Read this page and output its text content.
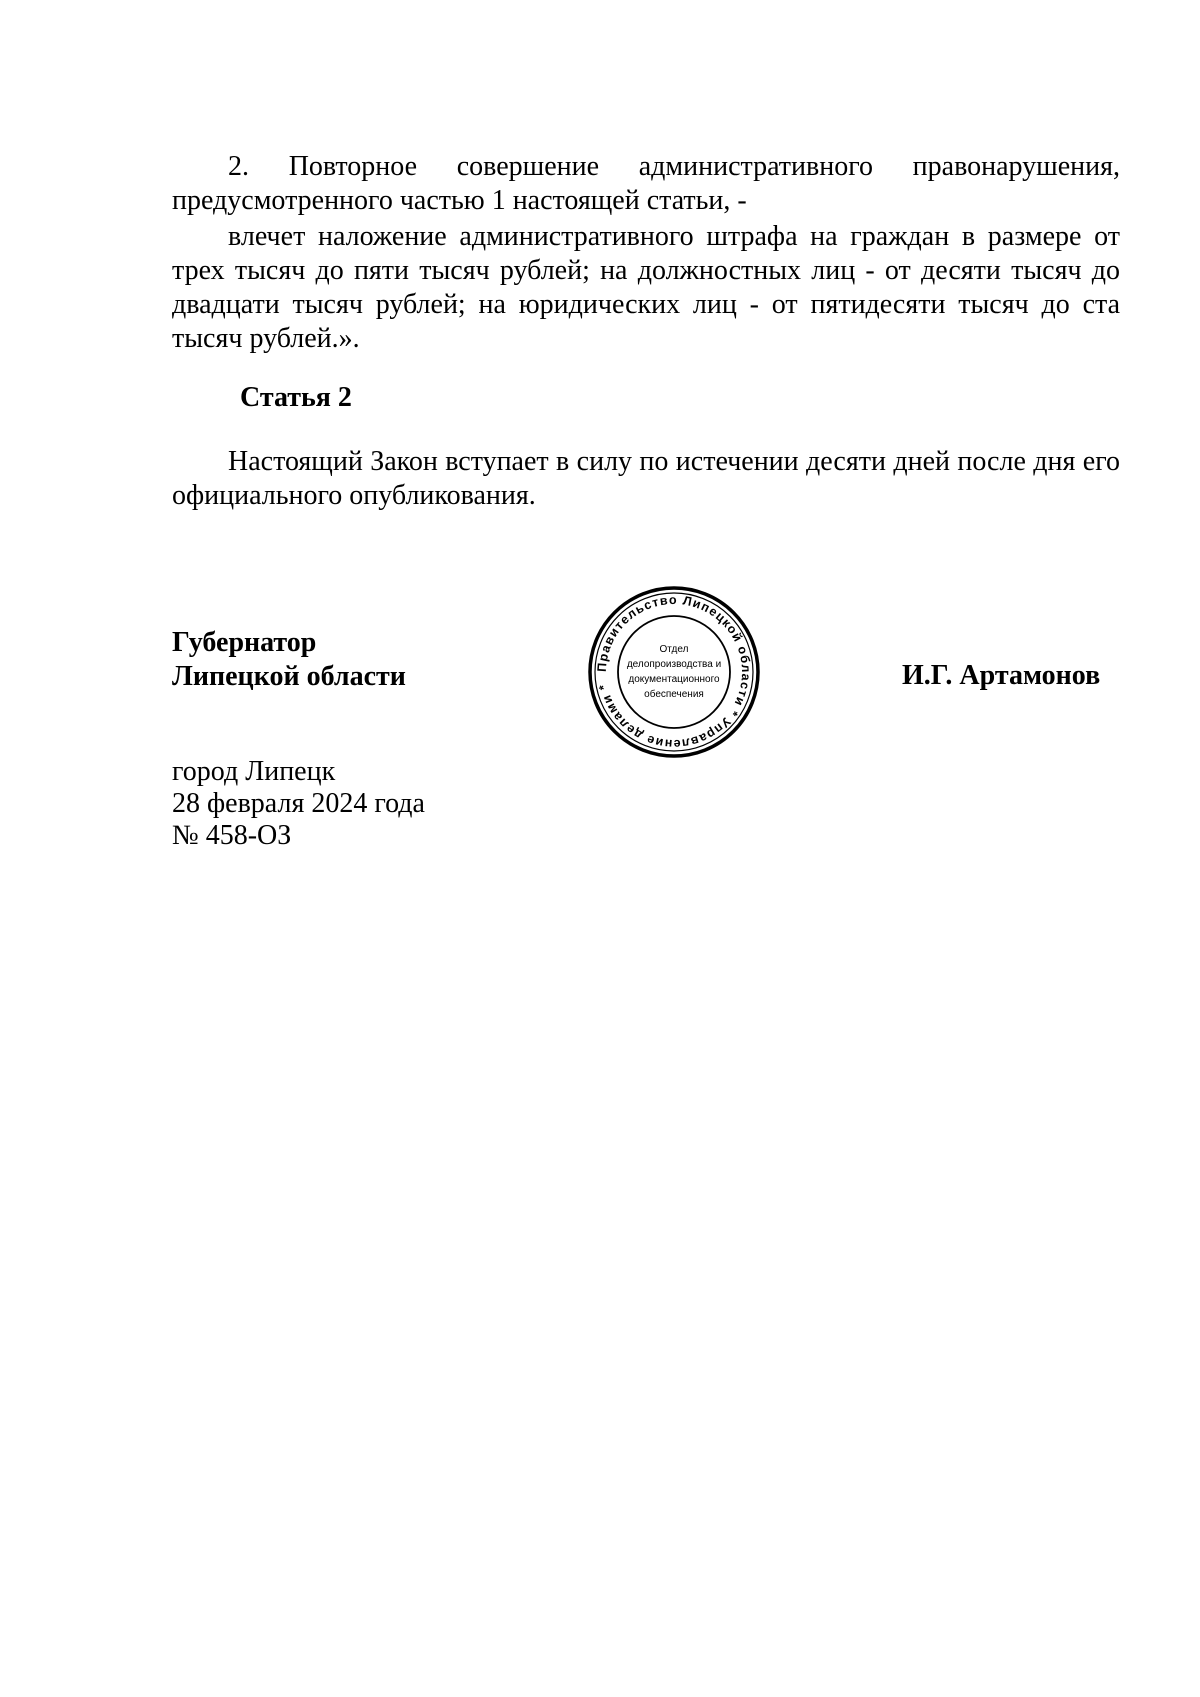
2. Повторное совершение административного правонарушения, предусмотренного частью 1 настоящей статьи, -
влечет наложение административного штрафа на граждан в размере от трех тысяч до пяти тысяч рублей; на должностных лиц - от десяти тысяч до двадцати тысяч рублей; на юридических лиц - от пятидесяти тысяч до ста тысяч рублей.».
Статья 2
Настоящий Закон вступает в силу по истечении десяти дней после дня его официального опубликования.
Губернатор
Липецкой области	Правительство Липецкой области * Управление делами *
Отдел
делопроизводства и
документационного
обеспечения
И.Г. Артамонов
город Липецк
28 февраля 2024 года
№ 458-ОЗ
